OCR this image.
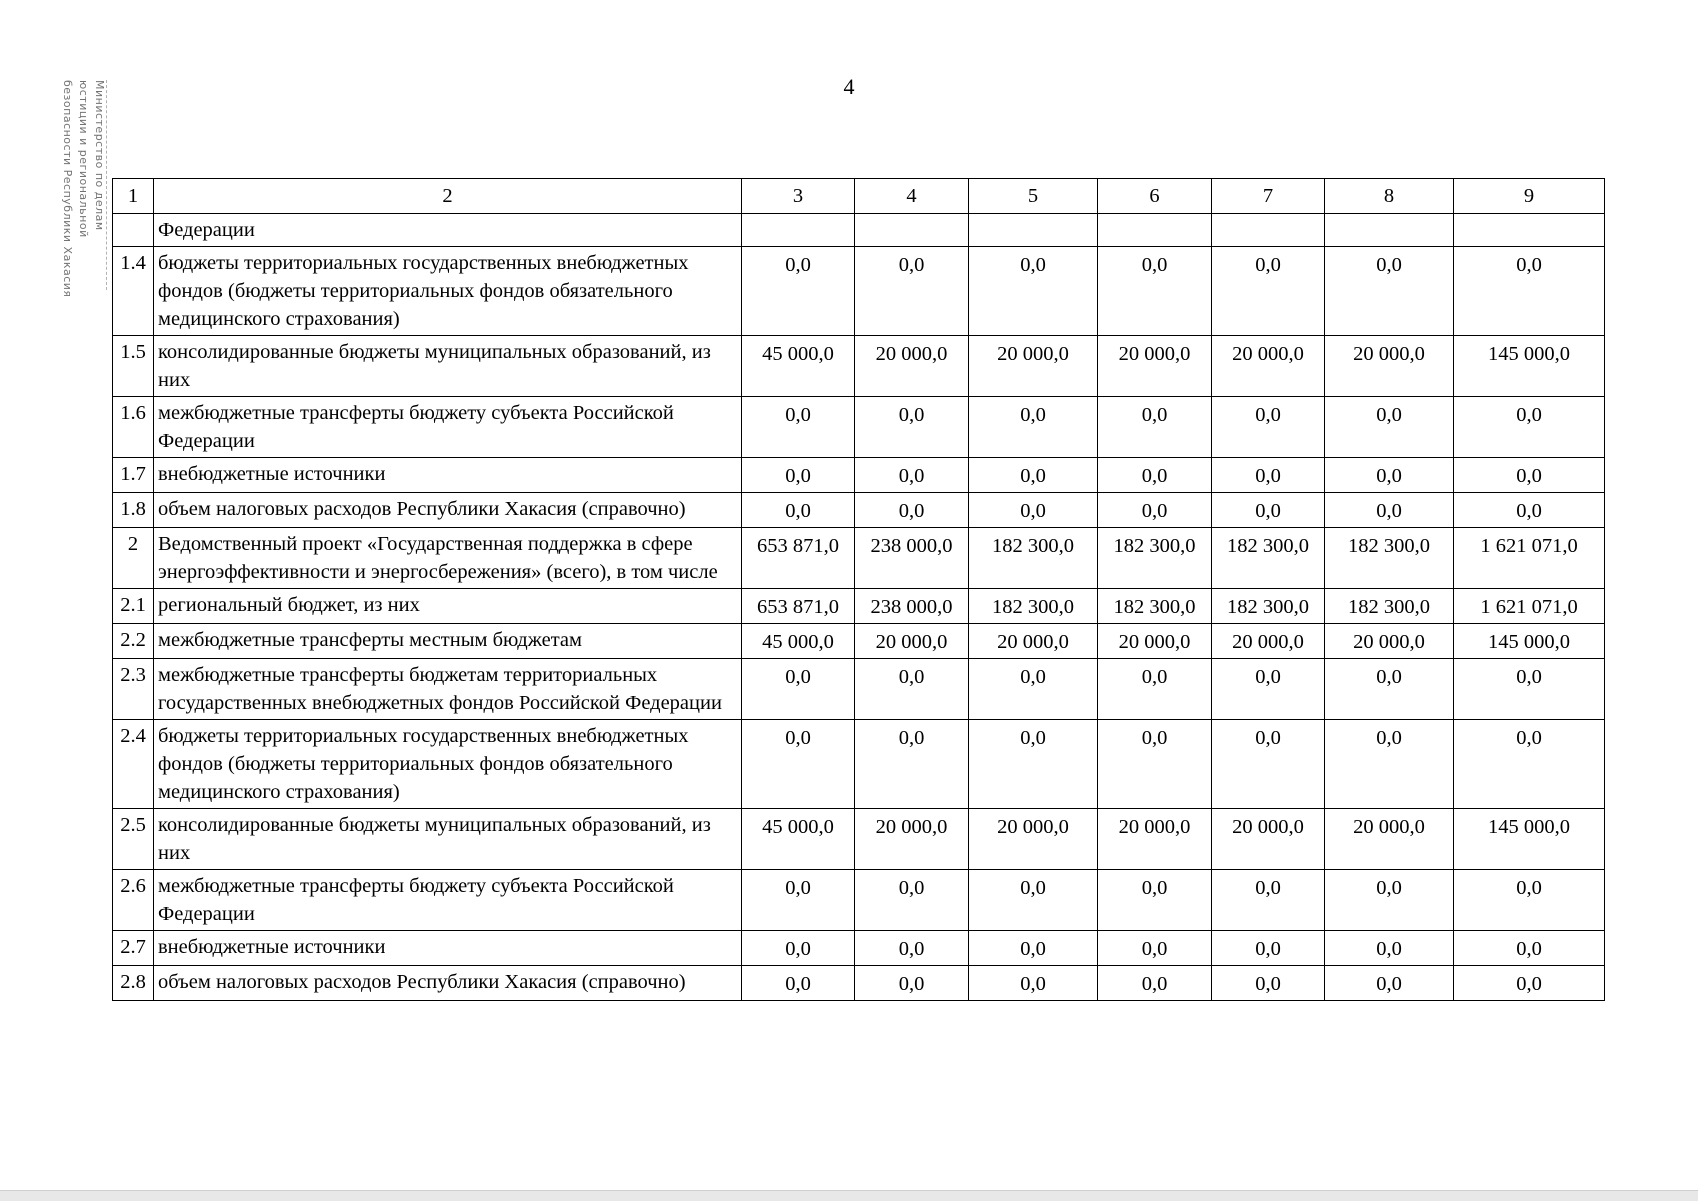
4
Министерство по делам
юстиции и региональной
безопасности Республики Хакасия	1	2	3	4	5	6	7	8	9
	Федерации							
1.4	бюджеты территориальных государственных внебюджетных фондов (бюджеты территориальных фондов обязательного медицинского страхования)	0,0	0,0	0,0	0,0	0,0	0,0	0,0
1.5	консолидированные бюджеты муниципальных образований, из них	45 000,0	20 000,0	20 000,0	20 000,0	20 000,0	20 000,0	145 000,0
1.6	межбюджетные трансферты бюджету субъекта Российской Федерации	0,0	0,0	0,0	0,0	0,0	0,0	0,0
1.7	внебюджетные источники	0,0	0,0	0,0	0,0	0,0	0,0	0,0
1.8	объем налоговых расходов Республики Хакасия (справочно)	0,0	0,0	0,0	0,0	0,0	0,0	0,0
2	Ведомственный проект «Государственная поддержка в сфере энергоэффективности и энергосбережения» (всего), в том числе	653 871,0	238 000,0	182 300,0	182 300,0	182 300,0	182 300,0	1 621 071,0
2.1	региональный бюджет, из них	653 871,0	238 000,0	182 300,0	182 300,0	182 300,0	182 300,0	1 621 071,0
2.2	межбюджетные трансферты местным бюджетам	45 000,0	20 000,0	20 000,0	20 000,0	20 000,0	20 000,0	145 000,0
2.3	межбюджетные трансферты бюджетам территориальных государственных внебюджетных фондов Российской Федерации	0,0	0,0	0,0	0,0	0,0	0,0	0,0
2.4	бюджеты территориальных государственных внебюджетных фондов (бюджеты территориальных фондов обязательного медицинского страхования)	0,0	0,0	0,0	0,0	0,0	0,0	0,0
2.5	консолидированные бюджеты муниципальных образований, из них	45 000,0	20 000,0	20 000,0	20 000,0	20 000,0	20 000,0	145 000,0
2.6	межбюджетные трансферты бюджету субъекта Российской Федерации	0,0	0,0	0,0	0,0	0,0	0,0	0,0
2.7	внебюджетные источники	0,0	0,0	0,0	0,0	0,0	0,0	0,0
2.8	объем налоговых расходов Республики Хакасия (справочно)	0,0	0,0	0,0	0,0	0,0	0,0	0,0
